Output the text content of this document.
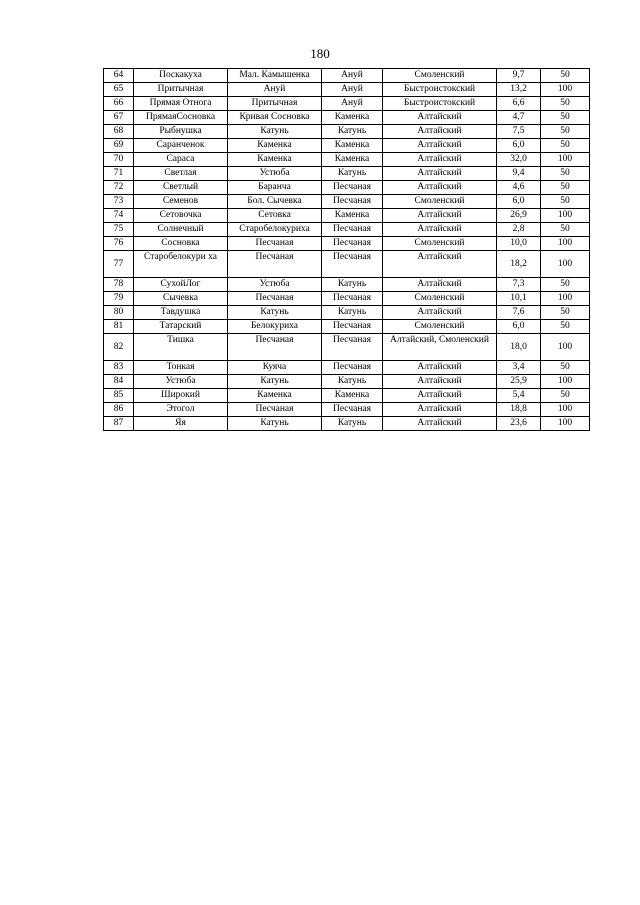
180
64	Поскакуха	Мал. Камышенка	Ануй	Смоленский	9,7	50
65	Притычная	Ануй	Ануй	Быстроистокский	13,2	100
66	Прямая Отнога	Притычная	Ануй	Быстроистокский	6,6	50
67	ПрямаяСосновка	Кривая Сосновка	Каменка	Алтайский	4,7	50
68	Рыбнушка	Катунь	Катунь	Алтайский	7,5	50
69	Саранченок	Каменка	Каменка	Алтайский	6,0	50
70	Сараса	Каменка	Каменка	Алтайский	32,0	100
71	Светлая	Устюба	Катунь	Алтайский	9,4	50
72	Светлый	Баранча	Песчаная	Алтайский	4,6	50
73	Семенов	Бол. Сычевка	Песчаная	Смоленский	6,0	50
74	Сетовочка	Сетовка	Каменка	Алтайский	26,9	100
75	Солнечный	Старобелокуриха	Песчаная	Алтайский	2,8	50
76	Сосновка	Песчаная	Песчаная	Смоленский	10,0	100
77	Старобелокури ха	Песчаная	Песчаная	Алтайский	18,2	100
78	СухойЛог	Устюба	Катунь	Алтайский	7,3	50
79	Сычевка	Песчаная	Песчаная	Смоленский	10,1	100
80	Тавдушка	Катунь	Катунь	Алтайский	7,6	50
81	Татарский	Белокуриха	Песчаная	Смоленский	6,0	50
82	Тишка	Песчаная	Песчаная	Алтайский, Смоленский	18,0	100
83	Тонкая	Куяча	Песчаная	Алтайский	3,4	50
84	Устюба	Катунь	Катунь	Алтайский	25,9	100
85	Широкий	Каменка	Каменка	Алтайский	5,4	50
86	Этогол	Песчаная	Песчаная	Алтайский	18,8	100
87	Яя	Катунь	Катунь	Алтайский	23,6	100
